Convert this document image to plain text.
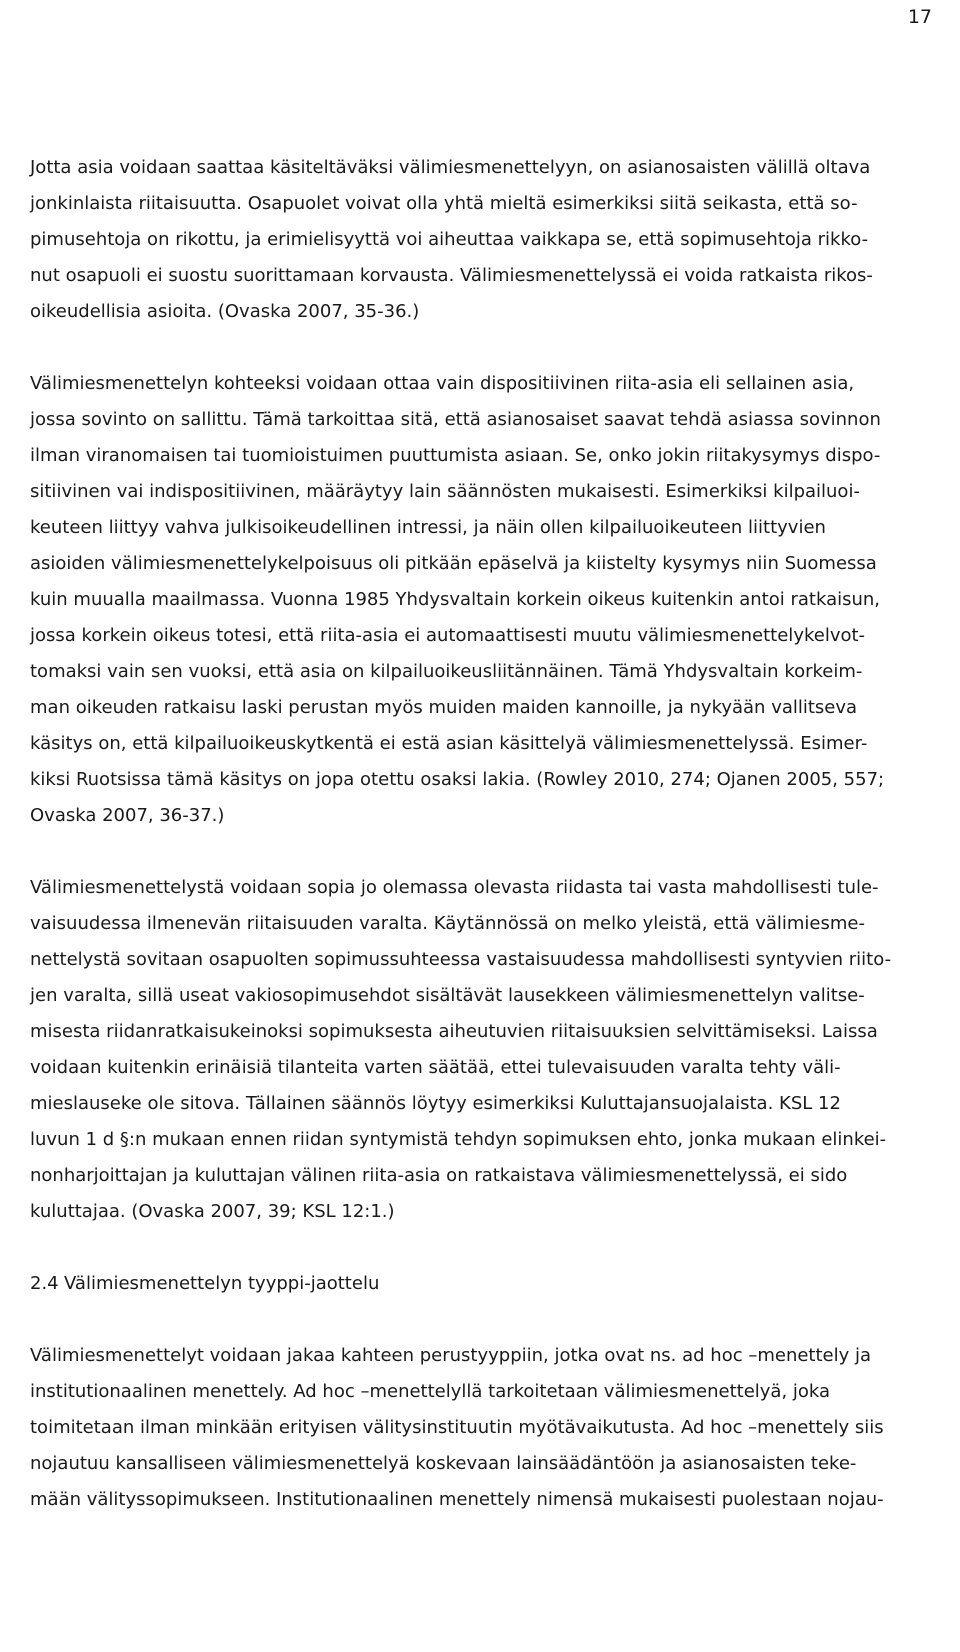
17
Jotta asia voidaan saattaa käsiteltäväksi välimiesmenettelyyn, on asianosaisten välillä oltava
jonkinlaista riitaisuutta. Osapuolet voivat olla yhtä mieltä esimerkiksi siitä seikasta, että so-
pimusehtoja on rikottu, ja erimielisyyttä voi aiheuttaa vaikkapa se, että sopimusehtoja rikko-
nut osapuoli ei suostu suorittamaan korvausta. Välimiesmenettelyssä ei voida ratkaista rikos-
oikeudellisia asioita. (Ovaska 2007, 35-36.)
Välimiesmenettelyn kohteeksi voidaan ottaa vain dispositiivinen riita-asia eli sellainen asia,
jossa sovinto on sallittu. Tämä tarkoittaa sitä, että asianosaiset saavat tehdä asiassa sovinnon
ilman viranomaisen tai tuomioistuimen puuttumista asiaan. Se, onko jokin riitakysymys dispo-
sitiivinen vai indispositiivinen, määräytyy lain säännösten mukaisesti. Esimerkiksi kilpailuoi-
keuteen liittyy vahva julkisoikeudellinen intressi, ja näin ollen kilpailuoikeuteen liittyvien
asioiden välimiesmenettelykelpoisuus oli pitkään epäselvä ja kiistelty kysymys niin Suomessa
kuin muualla maailmassa. Vuonna 1985 Yhdysvaltain korkein oikeus kuitenkin antoi ratkaisun,
jossa korkein oikeus totesi, että riita-asia ei automaattisesti muutu välimiesmenettelykelvot-
tomaksi vain sen vuoksi, että asia on kilpailuoikeusliitännäinen. Tämä Yhdysvaltain korkeim-
man oikeuden ratkaisu laski perustan myös muiden maiden kannoille, ja nykyään vallitseva
käsitys on, että kilpailuoikeuskytkentä ei estä asian käsittelyä välimiesmenettelyssä. Esimer-
kiksi Ruotsissa tämä käsitys on jopa otettu osaksi lakia. (Rowley 2010, 274; Ojanen 2005, 557;
Ovaska 2007, 36-37.)
Välimiesmenettelystä voidaan sopia jo olemassa olevasta riidasta tai vasta mahdollisesti tule-
vaisuudessa ilmenevän riitaisuuden varalta. Käytännössä on melko yleistä, että välimiesme-
nettelystä sovitaan osapuolten sopimussuhteessa vastaisuudessa mahdollisesti syntyvien riito-
jen varalta, sillä useat vakiosopimusehdot sisältävät lausekkeen välimiesmenettelyn valitse-
misesta riidanratkaisukeinoksi sopimuksesta aiheutuvien riitaisuuksien selvittämiseksi. Laissa
voidaan kuitenkin erinäisiä tilanteita varten säätää, ettei tulevaisuuden varalta tehty väli-
mieslauseke ole sitova. Tällainen säännös löytyy esimerkiksi Kuluttajansuojalaista. KSL 12
luvun 1 d §:n mukaan ennen riidan syntymistä tehdyn sopimuksen ehto, jonka mukaan elinkei-
nonharjoittajan ja kuluttajan välinen riita-asia on ratkaistava välimiesmenettelyssä, ei sido
kuluttajaa. (Ovaska 2007, 39; KSL 12:1.)
2.4 Välimiesmenettelyn tyyppi-jaottelu
Välimiesmenettelyt voidaan jakaa kahteen perustyyppiin, jotka ovat ns. ad hoc –menettely ja
institutionaalinen menettely. Ad hoc –menettelyllä tarkoitetaan välimiesmenettelyä, joka
toimitetaan ilman minkään erityisen välitysinstituutin myötävaikutusta. Ad hoc –menettely siis
nojautuu kansalliseen välimiesmenettelyä koskevaan lainsäädäntöön ja asianosaisten teke-
mään välityssopimukseen. Institutionaalinen menettely nimensä mukaisesti puolestaan nojau-
